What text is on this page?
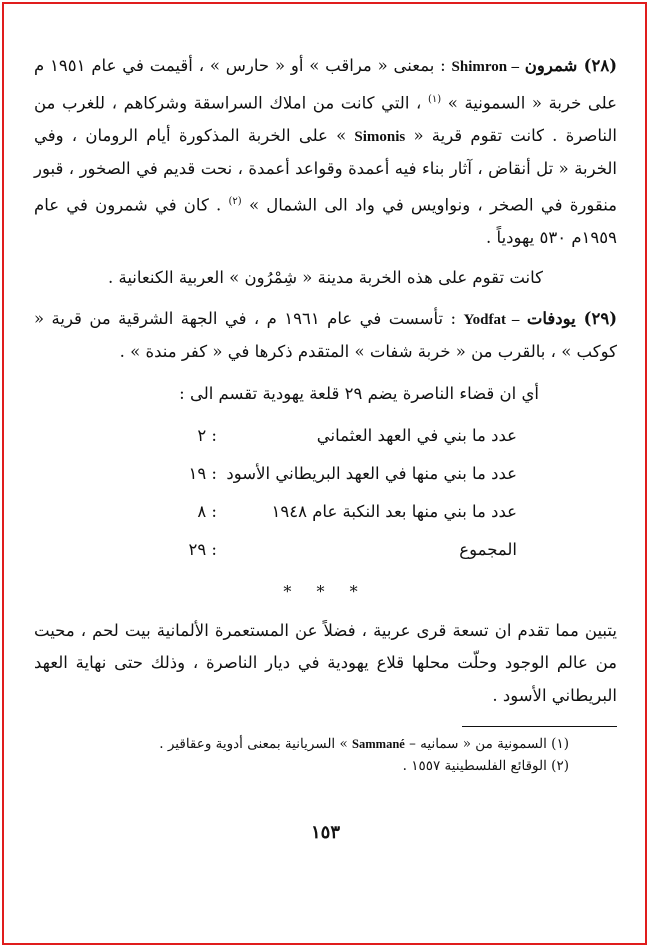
(٢٨) شمرون Shimron – : بمعنى « مراقب » أو « حارس » ، أقيمت في عام ١٩٥١ م على خربة « السمونية » $^{(١)}$ ، التي كانت من املاك السراسقة وشركاهم ، للغرب من الناصرة . كانت تقوم قرية « Simonis » على الخربة المذكورة أيام الرومان ، وفي الخربة « تل أنقاض ، آثار بناء فيه أعمدة وقواعد أعمدة ، نحت قديم في الصخور ، قبور منقورة في الصخر ، ونواويس في واد الى الشمال » $^{(٢)}$ . كان في شمرون في عام ١٩٥٩م ٥٣٠ يهودياً .

كانت تقوم على هذه الخربة مدينة « شِمْرُون » العربية الكنعانية .

(٢٩) يودفات Yodfat – : تأسست في عام ١٩٦١ م ، في الجهة الشرقية من قرية « كوكب » ، بالقرب من « خربة شفات » المتقدم ذكرها في « كفر مندة » .

أي ان قضاء الناصرة يضم ٢٩ قلعة يهودية تقسم الى :
عدد ما بني في العهد العثماني
: ٢
عدد ما بني منها في العهد البريطاني الأسود
: ١٩
عدد ما بني منها بعد النكبة عام ١٩٤٨
: ٨
المجموع
: ٢٩
* * *

يتبين مما تقدم ان تسعة قرى عربية ، فضلاً عن المستعمرة الألمانية بيت لحم ، محيت من عالم الوجود وحلّت محلها قلاع يهودية في ديار الناصرة ، وذلك حتى نهاية العهد البريطاني الأسود .

(١) السمونية من « سمانيه – Sammané » السريانية بمعنى أدوية وعقاقير .
(٢) الوقائع الفلسطينية ١٥٥٧ .
١٥٣
